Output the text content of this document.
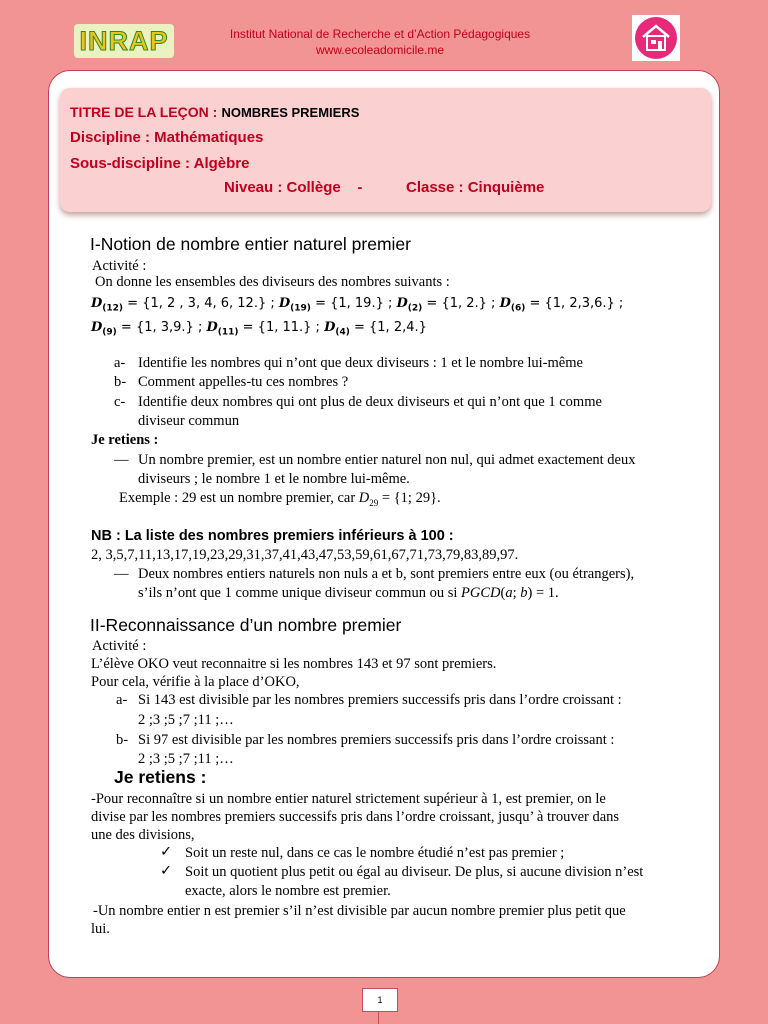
INRAP	Institut National de Recherche et d’Action Pédagogiques
www.ecoleadomicile.me
TITRE DE LA LEÇON : NOMBRES PREMIERS
Discipline : Mathématiques
Sous-discipline : Algèbre
Niveau : Collège -	Classe : Cinquième
I-Notion de nombre entier naturel premier
Activité :
On donne les ensembles des diviseurs des nombres suivants :
$D_{(12)} = \{1$, 2 , 3, 4, 6, 12.} ; $D_{(19)} = \{1$, 19.} ; $D_{(2)} = \{1$, 2.} ; $D_{(6)} = \{1$, 2,3,6.} ;
$D_{(9)} = \{1$, 3,9.} ; $D_{(11)} = \{1$, 11.} ; $D_{(4)} = \{1$, 2,4.}
a- Identifie les nombres qui n’ont que deux diviseurs : 1 et le nombre lui-même
b- Comment appelles-tu ces nombres ?
c- Identifie deux nombres qui ont plus de deux diviseurs et qui n’ont que 1 comme
diviseur commun
Je retiens :
— Un nombre premier, est un nombre entier naturel non nul, qui admet exactement deux
diviseurs ; le nombre 1 et le nombre lui-même.
Exemple : 29 est un nombre premier, car $D_{29} = \{1$; 29}.
NB : La liste des nombres premiers inférieurs à 100 :
2, 3,5,7,11,13,17,19,23,29,31,37,41,43,47,53,59,61,67,71,73,79,83,89,97.
— Deux nombres entiers naturels non nuls a et b, sont premiers entre eux (ou étrangers),
s’ils n’ont que 1 comme unique diviseur commun ou si PGCD(a; b) = 1.
II-Reconnaissance d’un nombre premier
Activité :
L’élève OKO veut reconnaitre si les nombres 143 et 97 sont premiers.
Pour cela, vérifie à la place d’OKO,
a- Si 143 est divisible par les nombres premiers successifs pris dans l’ordre croissant :
2 ;3 ;5 ;7 ;11 ;…
b- Si 97 est divisible par les nombres premiers successifs pris dans l’ordre croissant :
2 ;3 ;5 ;7 ;11 ;…
Je retiens :
-Pour reconnaître si un nombre entier naturel strictement supérieur à 1, est premier, on le
divise par les nombres premiers successifs pris dans l’ordre croissant, jusqu’ à trouver dans
une des divisions,
✓ Soit un reste nul, dans ce cas le nombre étudié n’est pas premier ;
✓ Soit un quotient plus petit ou égal au diviseur. De plus, si aucune division n’est
exacte, alors le nombre est premier.
-Un nombre entier n est premier s’il n’est divisible par aucun nombre premier plus petit que
lui.
1
